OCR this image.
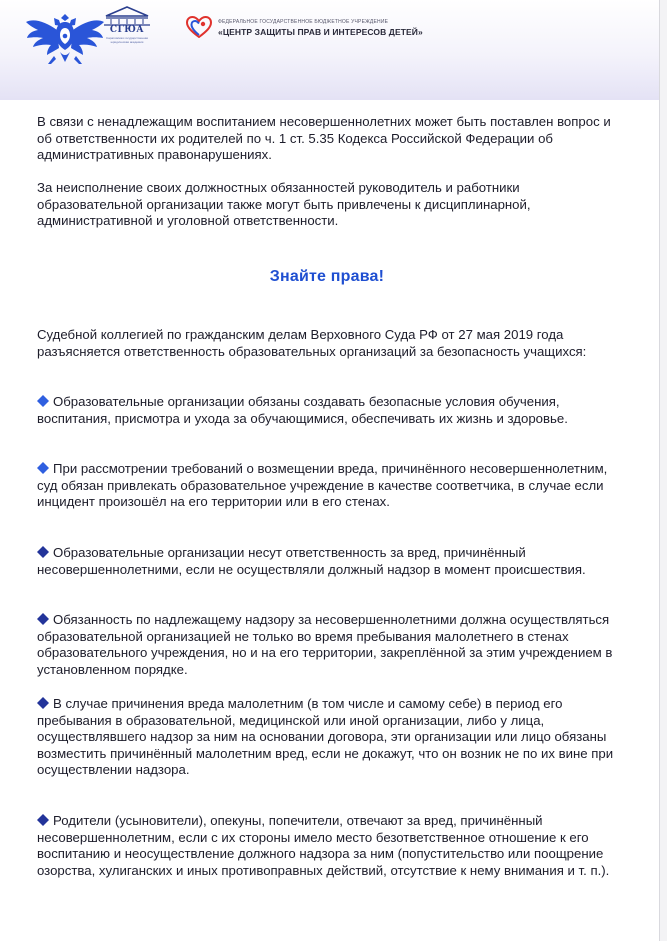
СГЮА
Саратовская государственная юридическая академия
ФЕДЕРАЛЬНОЕ ГОСУДАРСТВЕННОЕ БЮДЖЕТНОЕ УЧРЕЖДЕНИЕ
«ЦЕНТР ЗАЩИТЫ ПРАВ И ИНТЕРЕСОВ ДЕТЕЙ»

В связи с ненадлежащим воспитанием несовершеннолетних может быть поставлен вопрос и об ответственности их родителей по ч. 1 ст. 5.35 Кодекса Российской Федерации об административных правонарушениях.

За неисполнение своих должностных обязанностей руководитель и работники образовательной организации также могут быть привлечены к дисциплинарной, административной и уголовной ответственности.

Знайте права!

Судебной коллегией по гражданским делам Верховного Суда РФ от 27 мая 2019 года разъясняется ответственность образовательных организаций за безопасность учащихся:

Образовательные организации обязаны создавать безопасные условия обучения, воспитания, присмотра и ухода за обучающимися, обеспечивать их жизнь и здоровье.

При рассмотрении требований о возмещении вреда, причинённого несовершеннолетним, суд обязан привлекать образовательное учреждение в качестве соответчика, в случае если инцидент произошёл на его территории или в его стенах.

Образовательные организации несут ответственность за вред, причинённый несовершеннолетними, если не осуществляли должный надзор в момент происшествия.

Обязанность по надлежащему надзору за несовершеннолетними должна осуществляться образовательной организацией не только во время пребывания малолетнего в стенах образовательного учреждения, но и на его территории, закреплённой за этим учреждением в установленном порядке.

В случае причинения вреда малолетним (в том числе и самому себе) в период его пребывания в образовательной, медицинской или иной организации, либо у лица, осуществлявшего надзор за ним на основании договора, эти организации или лицо обязаны возместить причинённый малолетним вред, если не докажут, что он возник не по их вине при осуществлении надзора.

Родители (усыновители), опекуны, попечители, отвечают за вред, причинённый несовершеннолетним, если с их стороны имело место безответственное отношение к его воспитанию и неосуществление должного надзора за ним (попустительство или поощрение озорства, хулиганских и иных противоправных действий, отсутствие к нему внимания и т. п.).
